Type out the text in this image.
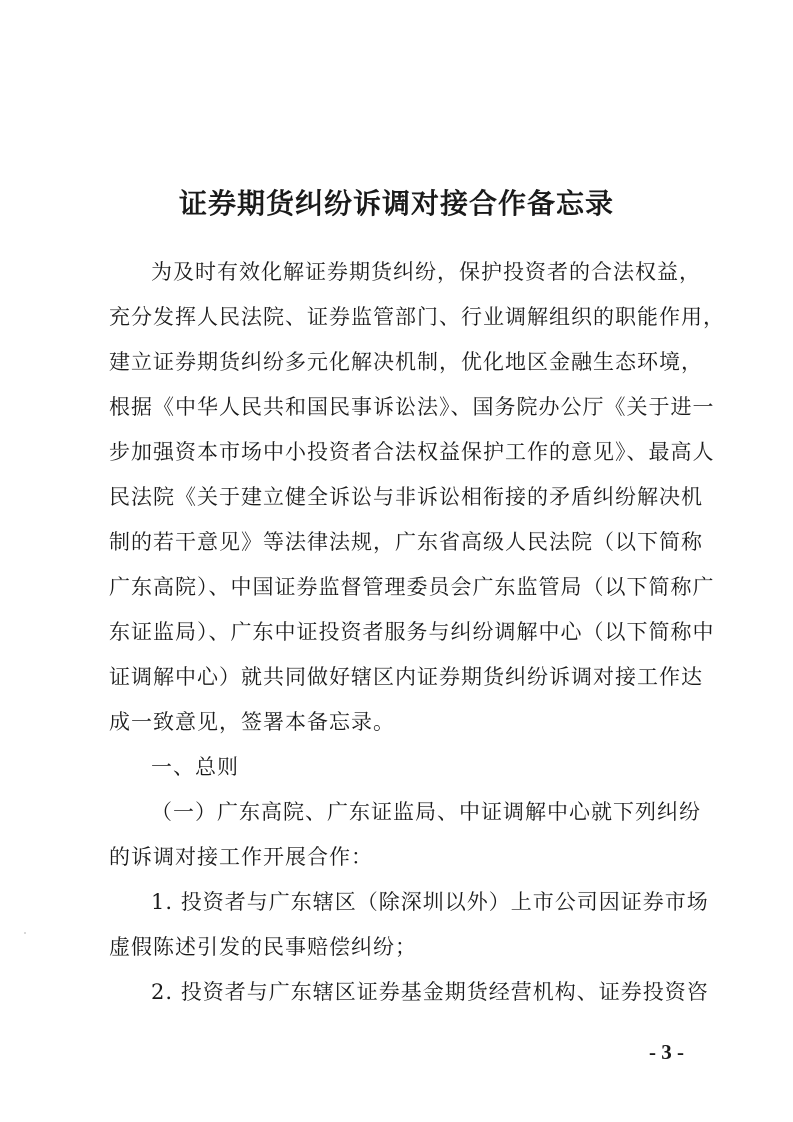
证券期货纠纷诉调对接合作备忘录
为及时有效化解证券期货纠纷，保护投资者的合法权益，
充分发挥人民法院、证券监管部门、行业调解组织的职能作用，
建立证券期货纠纷多元化解决机制，优化地区金融生态环境，
根据《中华人民共和国民事诉讼法》、国务院办公厅《关于进一
步加强资本市场中小投资者合法权益保护工作的意见》、最高人
民法院《关于建立健全诉讼与非诉讼相衔接的矛盾纠纷解决机
制的若干意见》等法律法规，广东省高级人民法院（以下简称
广东高院）、中国证券监督管理委员会广东监管局（以下简称广
东证监局）、广东中证投资者服务与纠纷调解中心（以下简称中
证调解中心）就共同做好辖区内证券期货纠纷诉调对接工作达
成一致意见，签署本备忘录。
一、总则
（一）广东高院、广东证监局、中证调解中心就下列纠纷
的诉调对接工作开展合作：
1. 投资者与广东辖区（除深圳以外）上市公司因证券市场
虚假陈述引发的民事赔偿纠纷；
2. 投资者与广东辖区证券基金期货经营机构、证券投资咨
- 3 -
